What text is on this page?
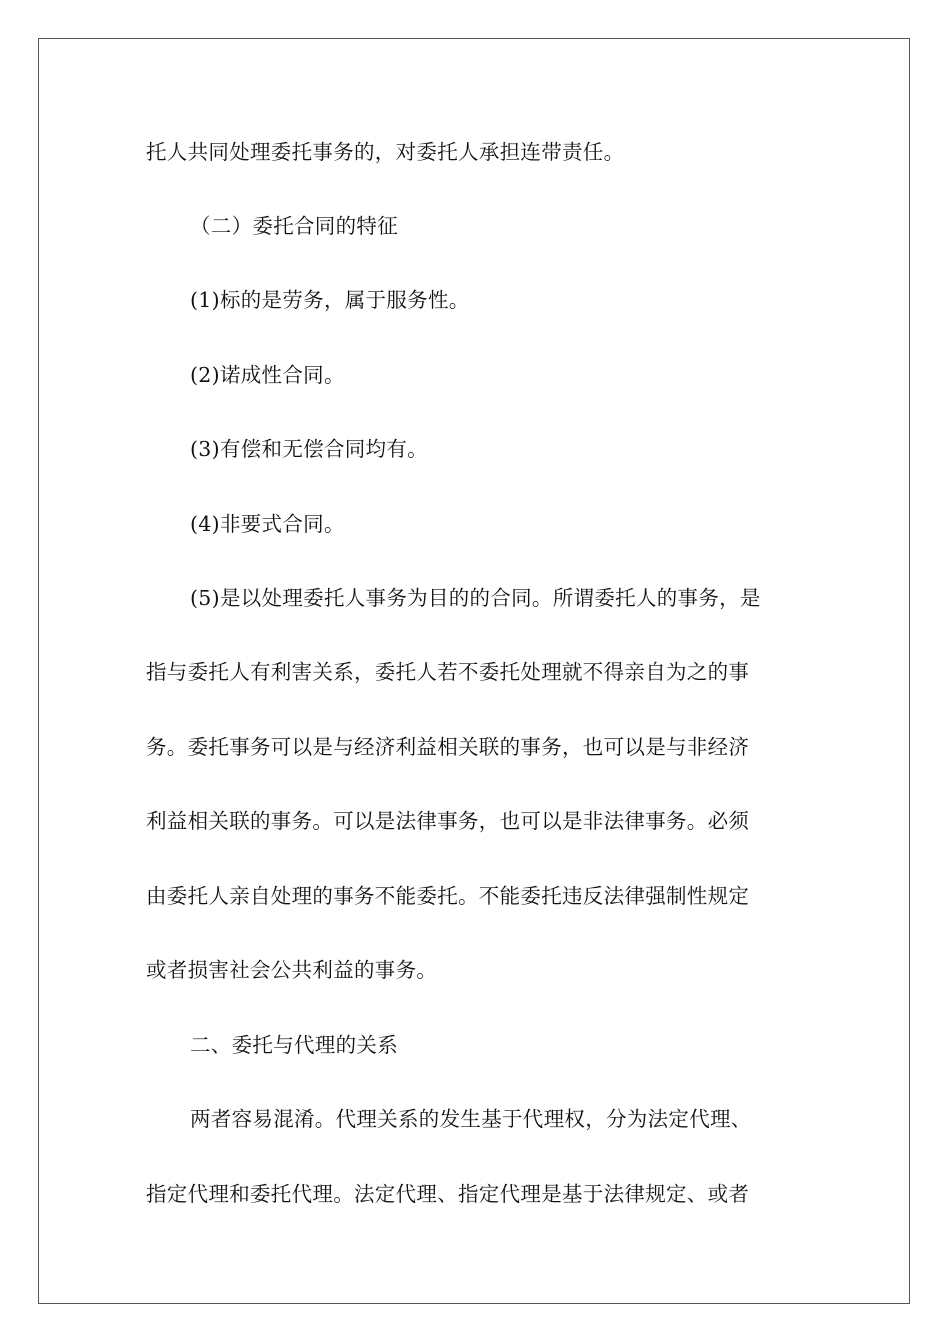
托人共同处理委托事务的，对委托人承担连带责任。
（二）委托合同的特征
(1)标的是劳务，属于服务性。
(2)诺成性合同。
(3)有偿和无偿合同均有。
(4)非要式合同。
(5)是以处理委托人事务为目的的合同。所谓委托人的事务，是
指与委托人有利害关系，委托人若不委托处理就不得亲自为之的事
务。委托事务可以是与经济利益相关联的事务，也可以是与非经济
利益相关联的事务。可以是法律事务，也可以是非法律事务。必须
由委托人亲自处理的事务不能委托。不能委托违反法律强制性规定
或者损害社会公共利益的事务。
二、委托与代理的关系
两者容易混淆。代理关系的发生基于代理权，分为法定代理、
指定代理和委托代理。法定代理、指定代理是基于法律规定、或者
